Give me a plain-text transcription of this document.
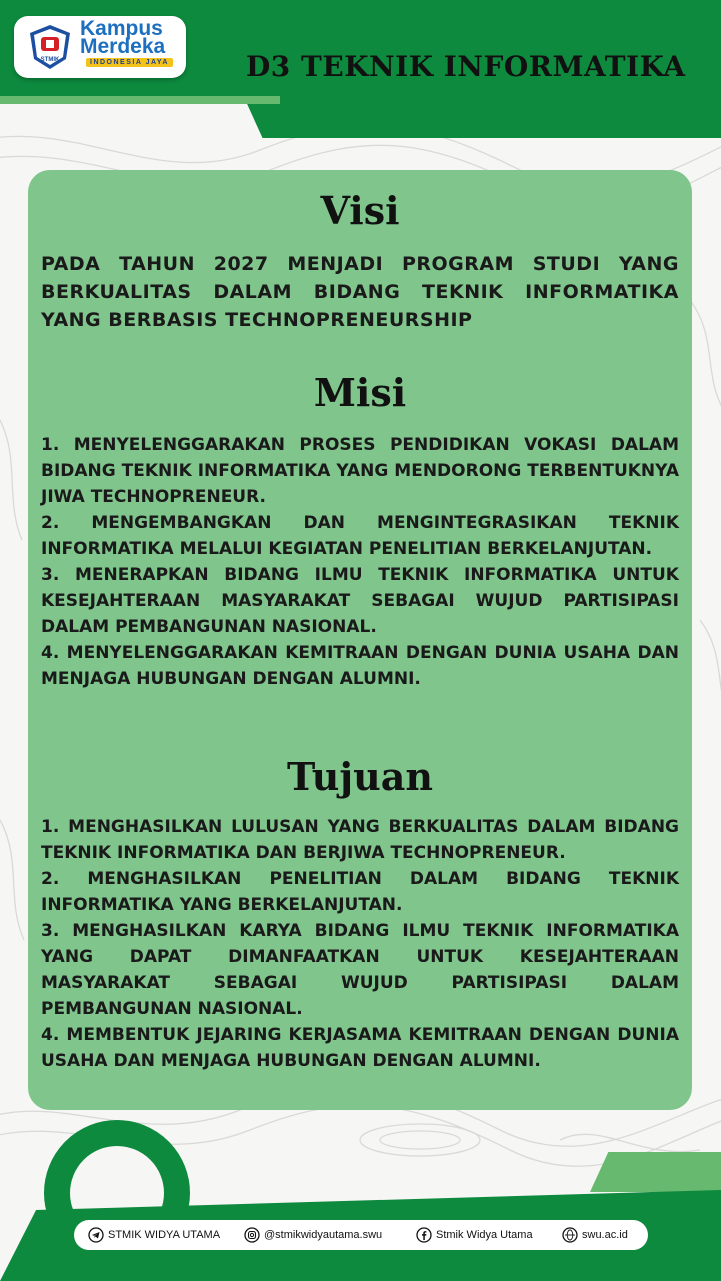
STMIK
Kampus
Merdeka
INDONESIA JAYA	D3 TEKNIK INFORMATIKA
Visi
PADA TAHUN 2027 MENJADI PROGRAM STUDI YANG BERKUALITAS DALAM BIDANG TEKNIK INFORMATIKA YANG BERBASIS TECHNOPRENEURSHIP
Misi

1. MENYELENGGARAKAN PROSES PENDIDIKAN VOKASI DALAM BIDANG TEKNIK INFORMATIKA YANG MENDORONG TERBENTUKNYA JIWA TECHNOPRENEUR.

2. MENGEMBANGKAN DAN MENGINTEGRASIKAN TEKNIK INFORMATIKA MELALUI KEGIATAN PENELITIAN BERKELANJUTAN.

3. MENERAPKAN BIDANG ILMU TEKNIK INFORMATIKA UNTUK KESEJAHTERAAN MASYARAKAT SEBAGAI WUJUD PARTISIPASI DALAM PEMBANGUNAN NASIONAL.

4. MENYELENGGARAKAN KEMITRAAN DENGAN DUNIA USAHA DAN MENJAGA HUBUNGAN DENGAN ALUMNI.

Tujuan

1. MENGHASILKAN LULUSAN YANG BERKUALITAS DALAM BIDANG TEKNIK INFORMATIKA DAN BERJIWA TECHNOPRENEUR.

2. MENGHASILKAN PENELITIAN DALAM BIDANG TEKNIK INFORMATIKA YANG BERKELANJUTAN.

3. MENGHASILKAN KARYA BIDANG ILMU TEKNIK INFORMATIKA YANG DAPAT DIMANFAATKAN UNTUK KESEJAHTERAAN MASYARAKAT SEBAGAI WUJUD PARTISIPASI DALAM PEMBANGUNAN NASIONAL.

4. MEMBENTUK JEJARING KERJASAMA KEMITRAAN DENGAN DUNIA USAHA DAN MENJAGA HUBUNGAN DENGAN ALUMNI.

STMIK WIDYA UTAMA	@stmikwidyautama.swu	Stmik Widya Utama	swu.ac.id
